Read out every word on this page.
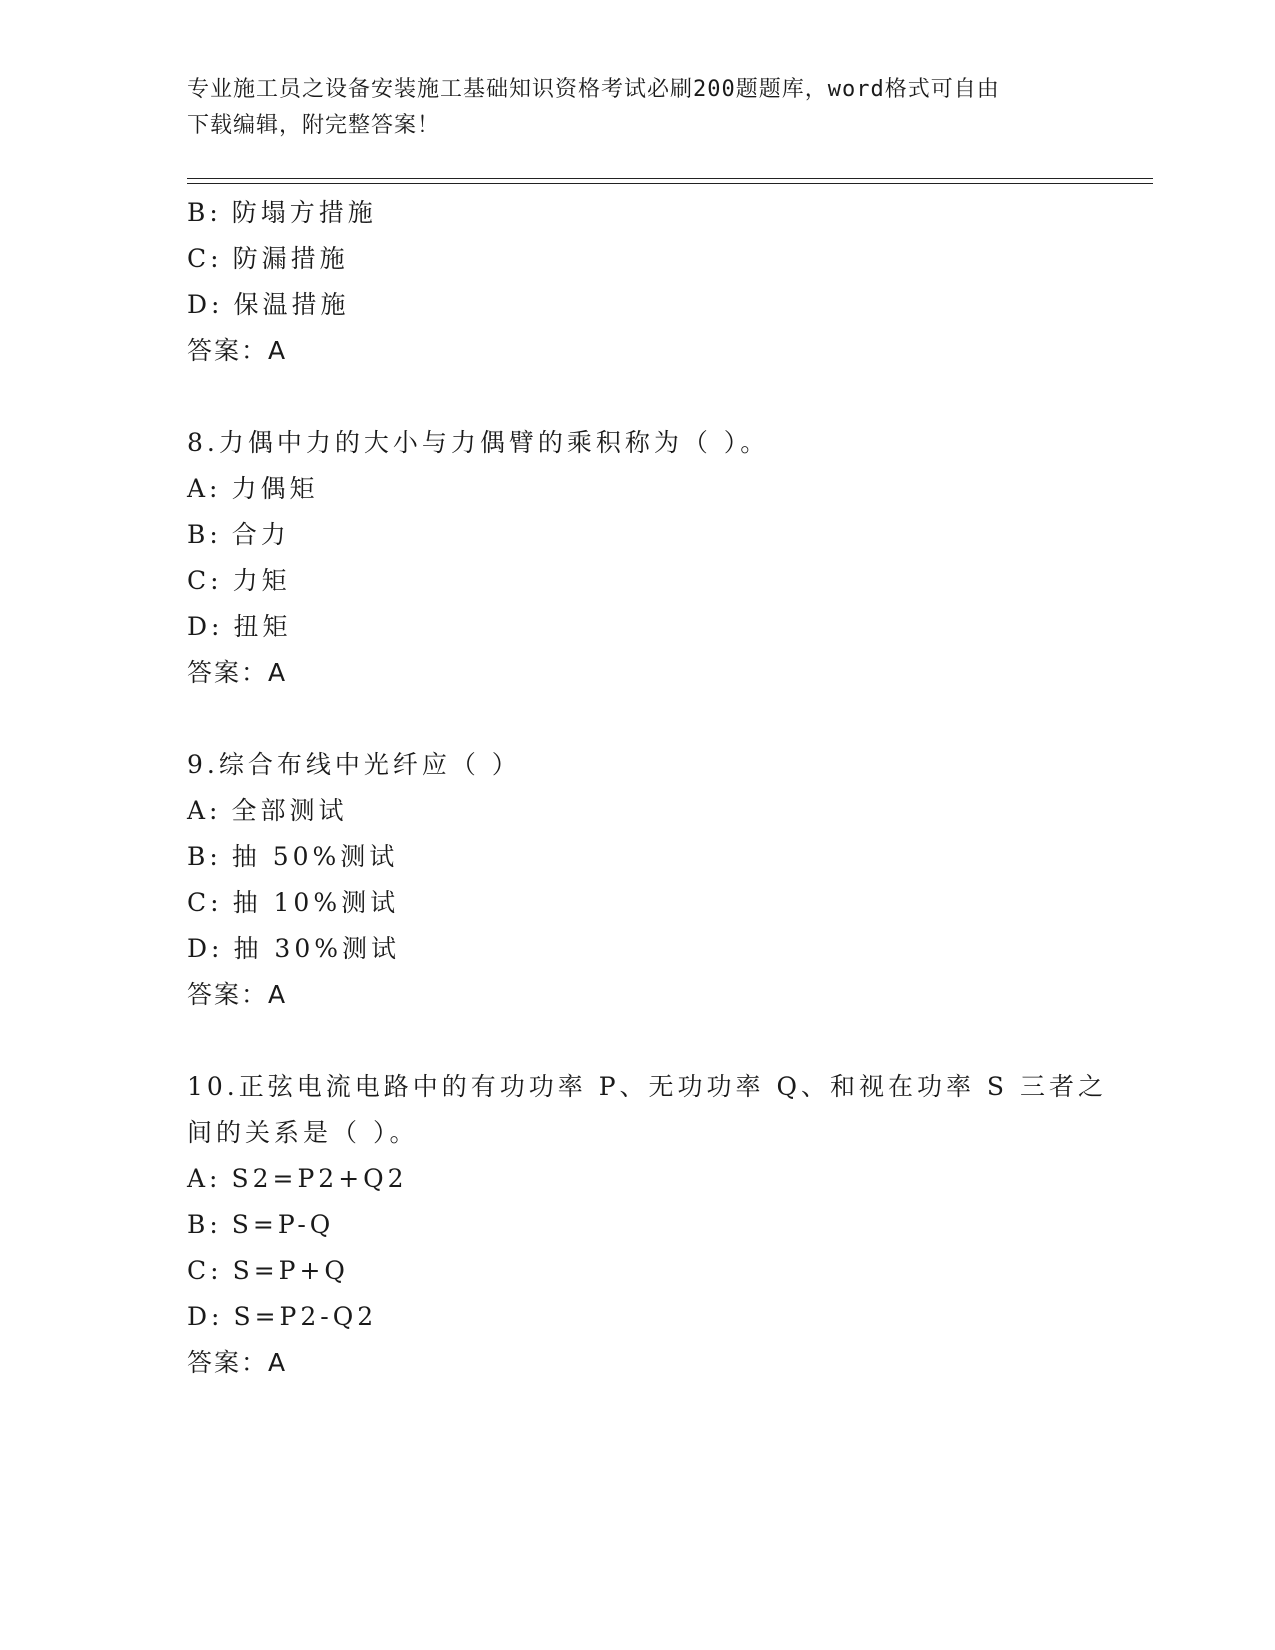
专业施工员之设备安装施工基础知识资格考试必刷200题题库，word格式可自由
下载编辑，附完整答案！
B: 防塌方措施
C: 防漏措施
D: 保温措施
答案：A
8.力偶中力的大小与力偶臂的乘积称为（ ）。
A: 力偶矩
B: 合力
C: 力矩
D: 扭矩
答案：A
9.综合布线中光纤应（ ）
A: 全部测试
B: 抽 50%测试
C: 抽 10%测试
D: 抽 30%测试
答案：A
10.正弦电流电路中的有功功率 P、无功功率 Q、和视在功率 S 三者之
间的关系是（ ）。
A: S2=P2+Q2
B: S=P-Q
C: S=P+Q
D: S=P2-Q2
答案：A
